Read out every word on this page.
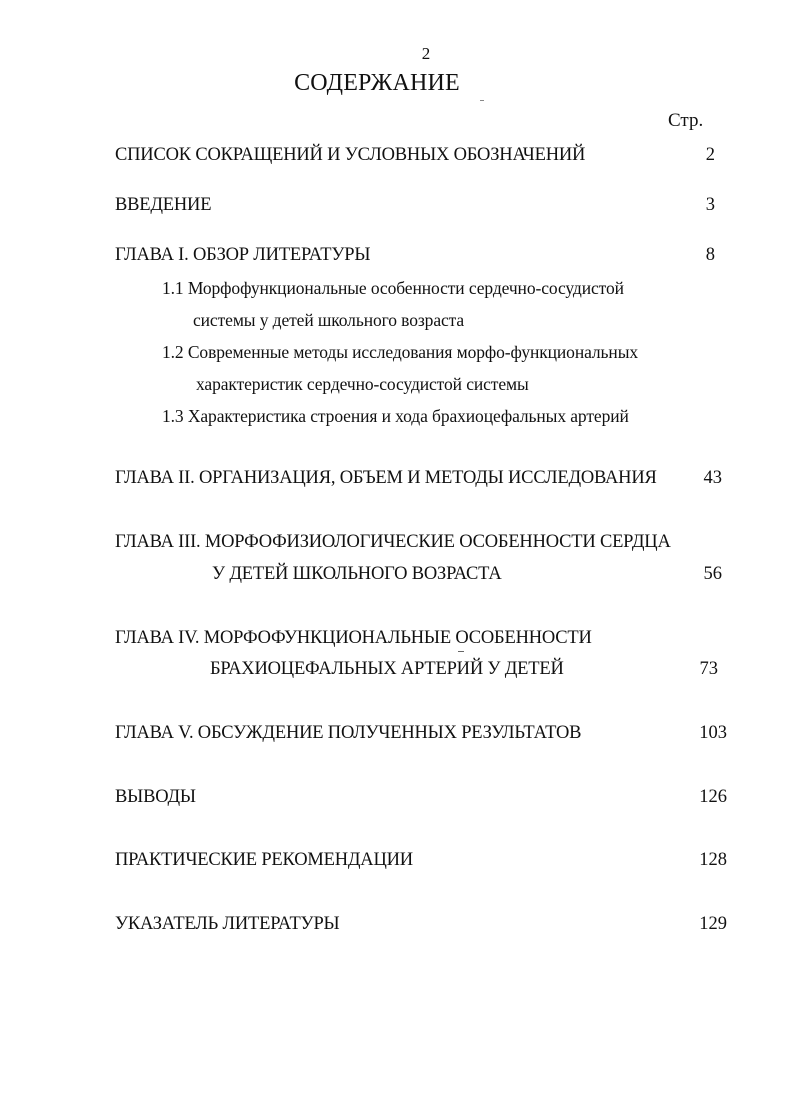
2
СОДЕРЖАНИЕ
Стр.
СПИСОК СОКРАЩЕНИЙ И УСЛОВНЫХ ОБОЗНАЧЕНИЙ	2
ВВЕДЕНИЕ	3
ГЛАВА I. ОБЗОР ЛИТЕРАТУРЫ	8
1.1 Морфофункциональные особенности сердечно-сосудистой
системы у детей школьного возраста
1.2 Современные методы исследования морфо-функциональных
характеристик сердечно-сосудистой системы
1.3 Характеристика строения и хода брахиоцефальных артерий
ГЛАВА II. ОРГАНИЗАЦИЯ, ОБЪЕМ И МЕТОДЫ ИССЛЕДОВАНИЯ	43
ГЛАВА III. МОРФОФИЗИОЛОГИЧЕСКИЕ ОСОБЕННОСТИ СЕРДЦА
У ДЕТЕЙ ШКОЛЬНОГО ВОЗРАСТА	56
ГЛАВА IV. МОРФОФУНКЦИОНАЛЬНЫЕ ОСОБЕННОСТИ
БРАХИОЦЕФАЛЬНЫХ АРТЕРИЙ У ДЕТЕЙ	73
ГЛАВА V. ОБСУЖДЕНИЕ ПОЛУЧЕННЫХ РЕЗУЛЬТАТОВ	103
ВЫВОДЫ	126
ПРАКТИЧЕСКИЕ РЕКОМЕНДАЦИИ	128
УКАЗАТЕЛЬ ЛИТЕРАТУРЫ	129
